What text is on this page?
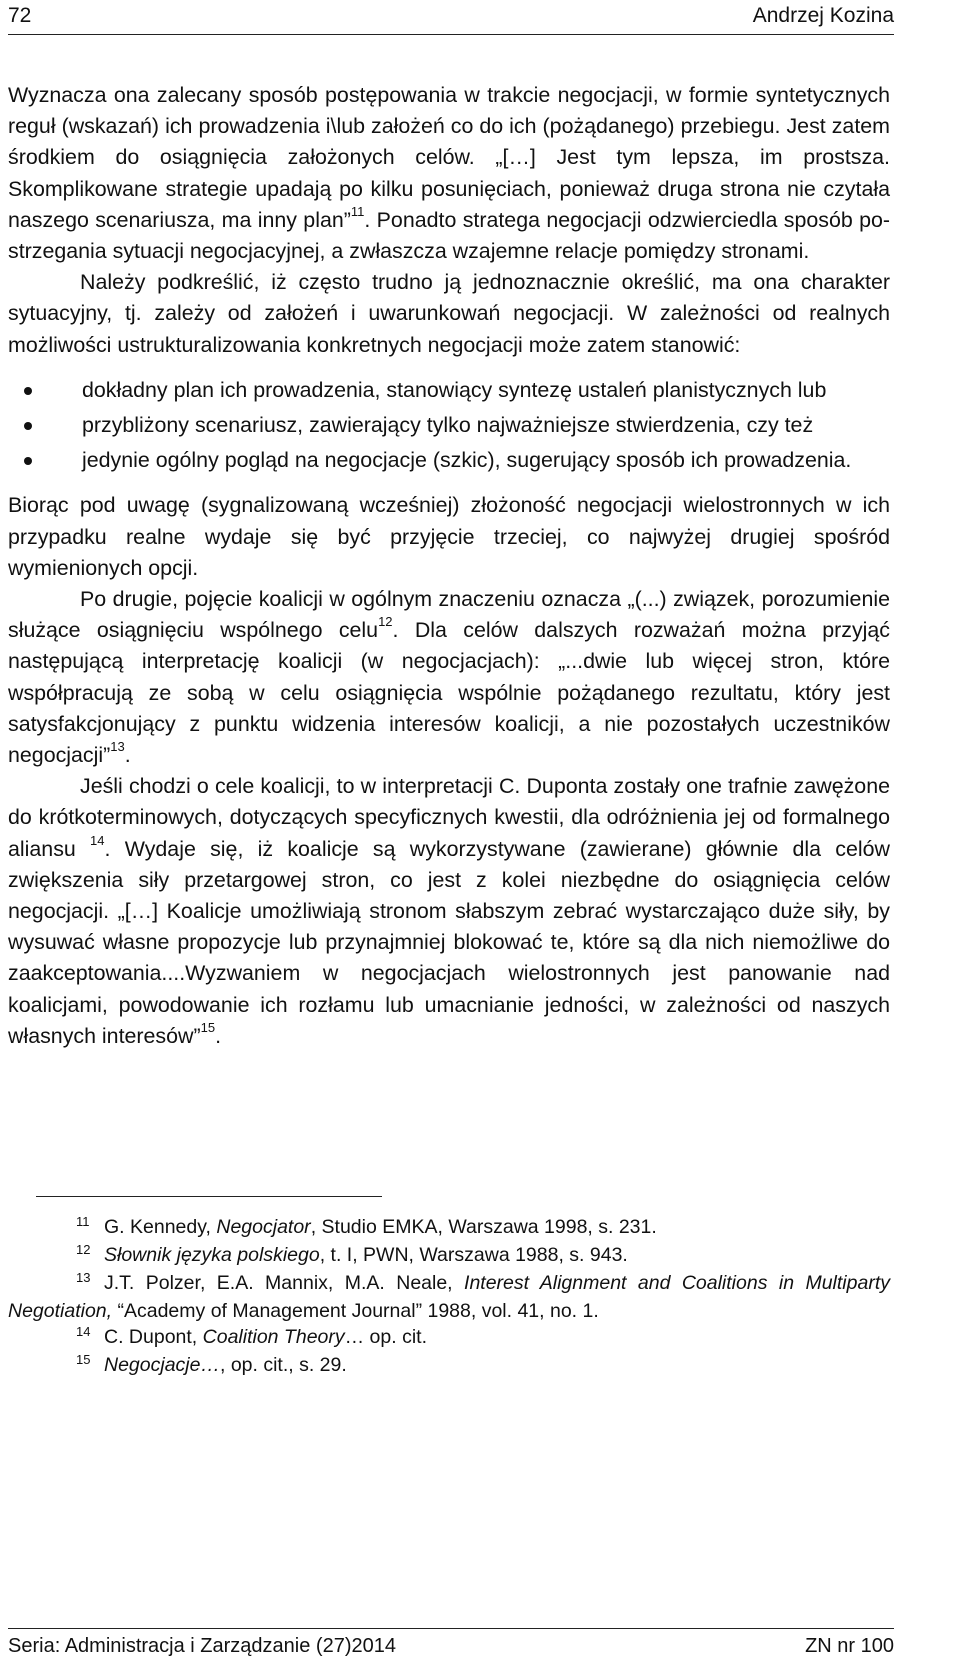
72	Andrzej Kozina

Wyznacza ona zalecany sposób postępowania w trakcie negocjacji, w formie syntetycznych reguł (wskazań) ich prowadzenia i\lub założeń co do ich (pożądanego) przebiegu. Jest zatem środkiem do osiągnięcia założonych celów. „[…] Jest tym lepsza, im prostsza. Skomplikowane strategie upadają po kilku posunięciach, ponieważ druga strona nie czytała naszego scenariusza, ma inny plan”$^{11}$. Ponadto stratega negocjacji odzwierciedla sposób po-strzegania sytuacji negocjacyjnej, a zwłaszcza wzajemne relacje pomiędzy stronami.

Należy podkreślić, iż często trudno ją jednoznacznie określić, ma ona charakter sytuacyjny, tj. zależy od założeń i uwarunkowań negocjacji. W zależności od realnych możliwości ustrukturalizowania konkretnych negocjacji może zatem stanowić:

dokładny plan ich prowadzenia, stanowiący syntezę ustaleń planistycznych lub
przybliżony scenariusz, zawierający tylko najważniejsze stwierdzenia, czy też
jedynie ogólny pogląd na negocjacje (szkic), sugerujący sposób ich prowadzenia.

Biorąc pod uwagę (sygnalizowaną wcześniej) złożoność negocjacji wielostronnych w ich przypadku realne wydaje się być przyjęcie trzeciej, co najwyżej drugiej spośród wymienionych opcji.

Po drugie, pojęcie koalicji w ogólnym znaczeniu oznacza „(...) związek, porozumienie służące osiągnięciu wspólnego celu$^{12}$. Dla celów dalszych rozważań można przyjąć następującą interpretację koalicji (w negocjacjach): „...dwie lub więcej stron, które współpracują ze sobą w celu osiągnięcia wspólnie pożądanego rezultatu, który jest satysfakcjonujący z punktu widzenia interesów koalicji, a nie pozostałych uczestników negocjacji”$^{13}$.

Jeśli chodzi o cele koalicji, to w interpretacji C. Duponta zostały one trafnie zawężone do krótkoterminowych, dotyczących specyficznych kwestii, dla odróżnienia jej od formalnego aliansu $^{14}$. Wydaje się, iż koalicje są wykorzystywane (zawierane) głównie dla celów zwiększenia siły przetargowej stron, co jest z kolei niezbędne do osiągnięcia celów negocjacji. „[…] Koalicje umożliwiają stronom słabszym zebrać wystarczająco duże siły, by wysuwać własne propozycje lub przynajmniej blokować te, które są dla nich niemożliwe do zaakceptowania....Wyzwaniem w negocjacjach wielostronnych jest panowanie nad koalicjami, powodowanie ich rozłamu lub umacnianie jedności, w zależności od naszych własnych interesów”$^{15}$.

11 G. Kennedy, Negocjator, Studio EMKA, Warszawa 1998, s. 231.

12 Słownik języka polskiego, t. I, PWN, Warszawa 1988, s. 943.

13 J.T. Polzer, E.A. Mannix, M.A. Neale, Interest Alignment and Coalitions in Multiparty Negotiation, “Academy of Management Journal” 1988, vol. 41, no. 1.

14 C. Dupont, Coalition Theory… op. cit.

15 Negocjacje…, op. cit., s. 29.

Seria: Administracja i Zarządzanie (27)2014	ZN nr 100
